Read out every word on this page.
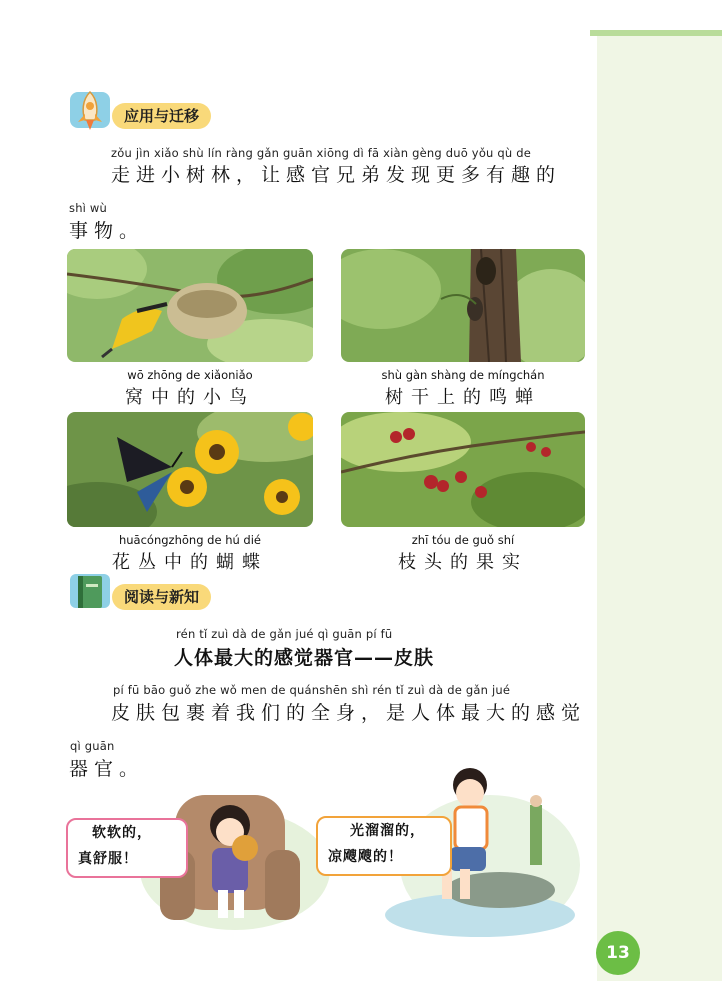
应用与迁移
zǒu jìn xiǎo shù lín ràng gǎn guān xiōng dì fā xiàn gèng duō yǒu qù de
走进小树林，让感官兄弟发现更多有趣的
shì wù
事物。
wō zhōng de xiǎoniǎo
窝中的小鸟
shù gàn shàng de míngchán
树干上的鸣蝉
huācóngzhōng de hú dié
花丛中的蝴蝶
zhī tóu de guǒ shí
枝头的果实
阅读与新知
rén tǐ zuì dà de gǎn jué qì guān pí fū
人体最大的感觉器官——皮肤
pí fū bāo guǒ zhe wǒ men de quánshēn shì rén tǐ zuì dà de gǎn jué
皮肤包裹着我们的全身，是人体最大的感觉
qì guān
器官。
软软的，
真舒服！
光溜溜的，
凉飕飕的！
13
